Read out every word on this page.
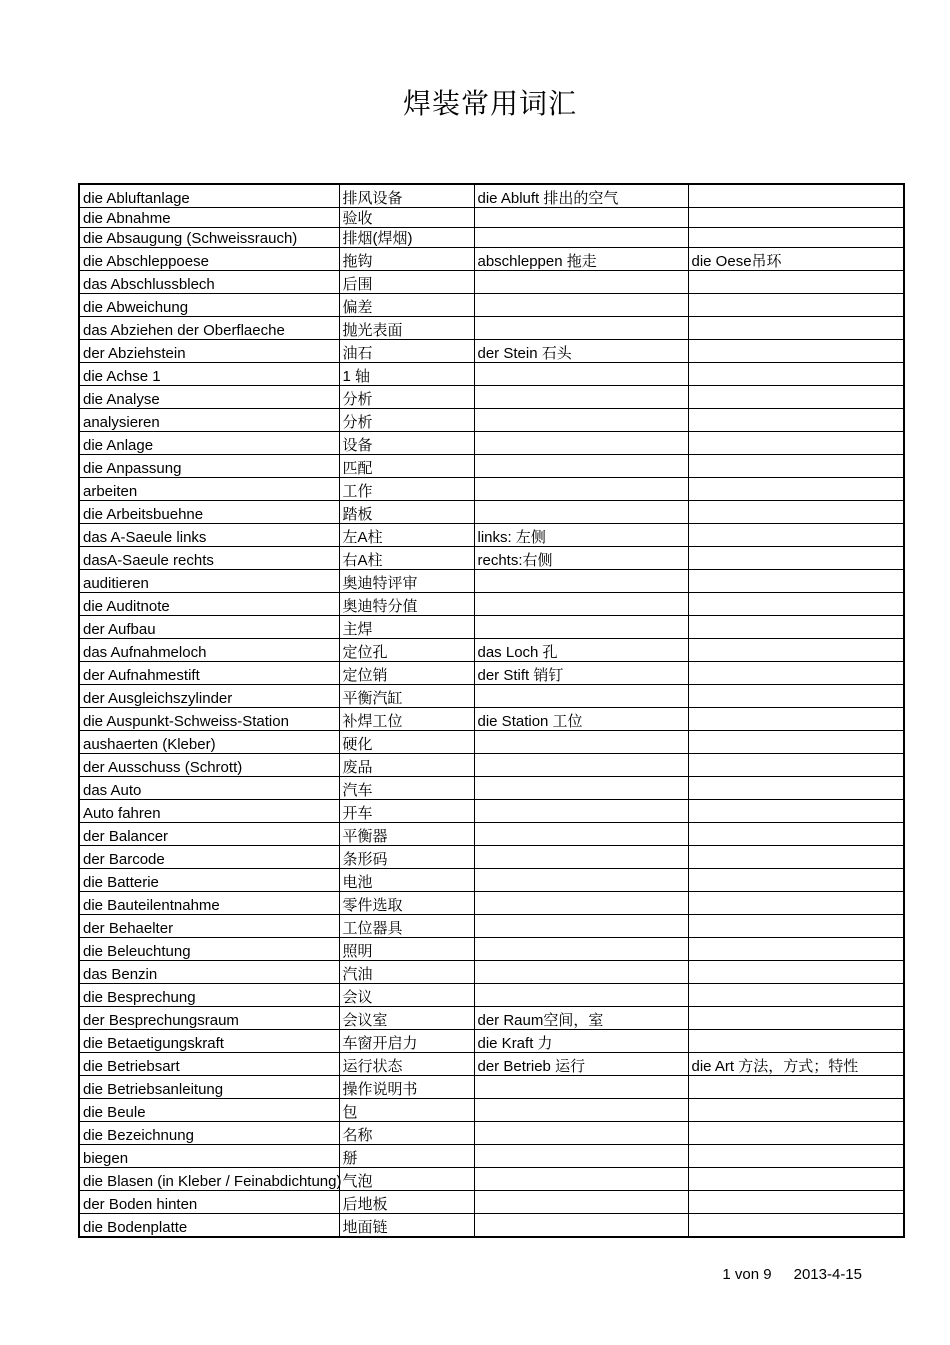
焊装常用词汇
die Abluftanlage	排风设备	die Abluft 排出的空气	
die Abnahme	验收		
die Absaugung (Schweissrauch)	排烟(焊烟)		
die Abschleppoese	拖钩	abschleppen 拖走	die Oese吊环
das Abschlussblech	后围		
die Abweichung	偏差		
das Abziehen der Oberflaeche	抛光表面		
der Abziehstein	油石	der Stein 石头	
die Achse 1	1 轴		
die Analyse	分析		
analysieren	分析		
die Anlage	设备		
die Anpassung	匹配		
arbeiten	工作		
die Arbeitsbuehne	踏板		
das A-Saeule links	左A柱	links: 左侧	
dasA-Saeule rechts	右A柱	rechts:右侧	
auditieren	奥迪特评审		
die Auditnote	奥迪特分值		
der Aufbau	主焊		
das Aufnahmeloch	定位孔	das Loch 孔	
der Aufnahmestift	定位销	der Stift 销钉	
der Ausgleichszylinder	平衡汽缸		
die Auspunkt-Schweiss-Station	补焊工位	die Station 工位	
aushaerten (Kleber)	硬化		
der Ausschuss (Schrott)	废品		
das Auto	汽车		
Auto fahren	开车		
der Balancer	平衡器		
der Barcode	条形码		
die Batterie	电池		
die Bauteilentnahme	零件选取		
der Behaelter	工位器具		
die Beleuchtung	照明		
das Benzin	汽油		
die Besprechung	会议		
der Besprechungsraum	会议室	der Raum空间，室	
die Betaetigungskraft	车窗开启力	die Kraft 力	
die Betriebsart	运行状态	der Betrieb 运行	die Art 方法，方式；特性
die Betriebsanleitung	操作说明书		
die Beule	包		
die Bezeichnung	名称		
biegen	掰		
die Blasen (in Kleber / Feinabdichtung)	气泡		
der Boden hinten	后地板		
die Bodenplatte	地面链		
1 von 9 2013-4-15
